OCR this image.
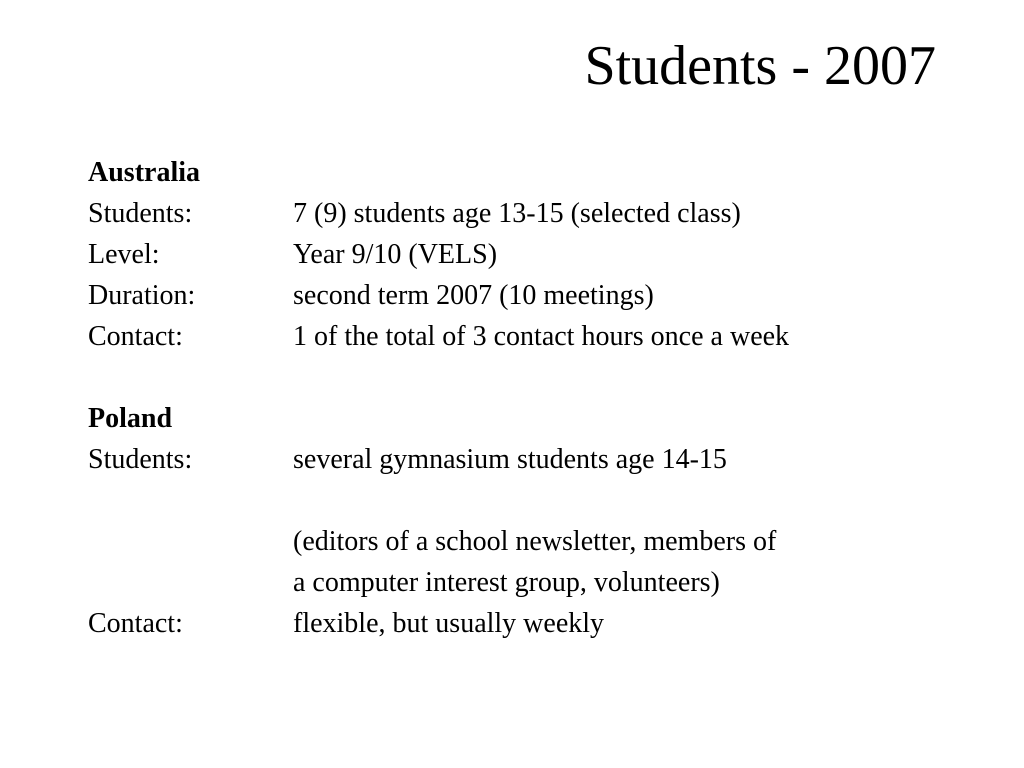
Students - 2007
Australia
Students:	7 (9) students age 13-15 (selected class)
Level:	Year 9/10 (VELS)
Duration:	second term 2007 (10 meetings)
Contact:	1 of the total of 3 contact hours once a week
Poland
Students:	several gymnasium students age 14-15
(editors of a school newsletter, members of
a computer interest group, volunteers)
Contact:	flexible, but usually weekly
